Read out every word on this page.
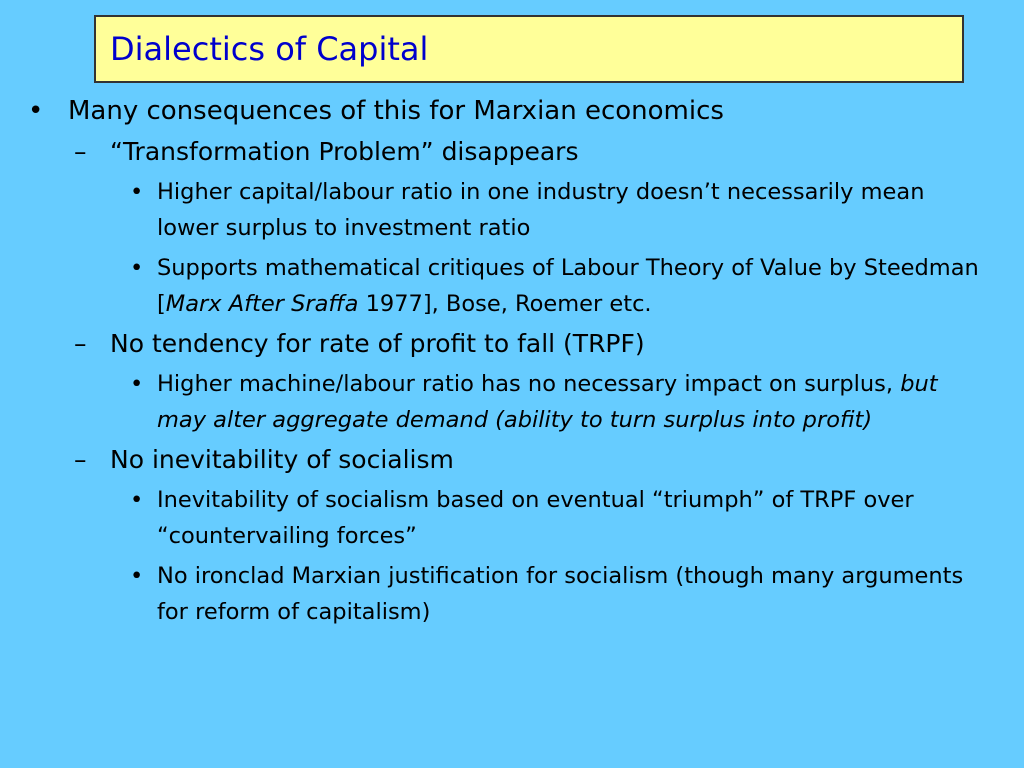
Dialectics of Capital
• Many consequences of this for Marxian economics
– “Transformation Problem” disappears
• Higher capital/labour ratio in one industry doesn’t necessarily mean lower surplus to investment ratio
• Supports mathematical critiques of Labour Theory of Value by Steedman [Marx After Sraffa 1977], Bose, Roemer etc.
– No tendency for rate of profit to fall (TRPF)
• Higher machine/labour ratio has no necessary impact on surplus, but may alter aggregate demand (ability to turn surplus into profit)
– No inevitability of socialism
• Inevitability of socialism based on eventual “triumph” of TRPF over “countervailing forces”
• No ironclad Marxian justification for socialism (though many arguments for reform of capitalism)
